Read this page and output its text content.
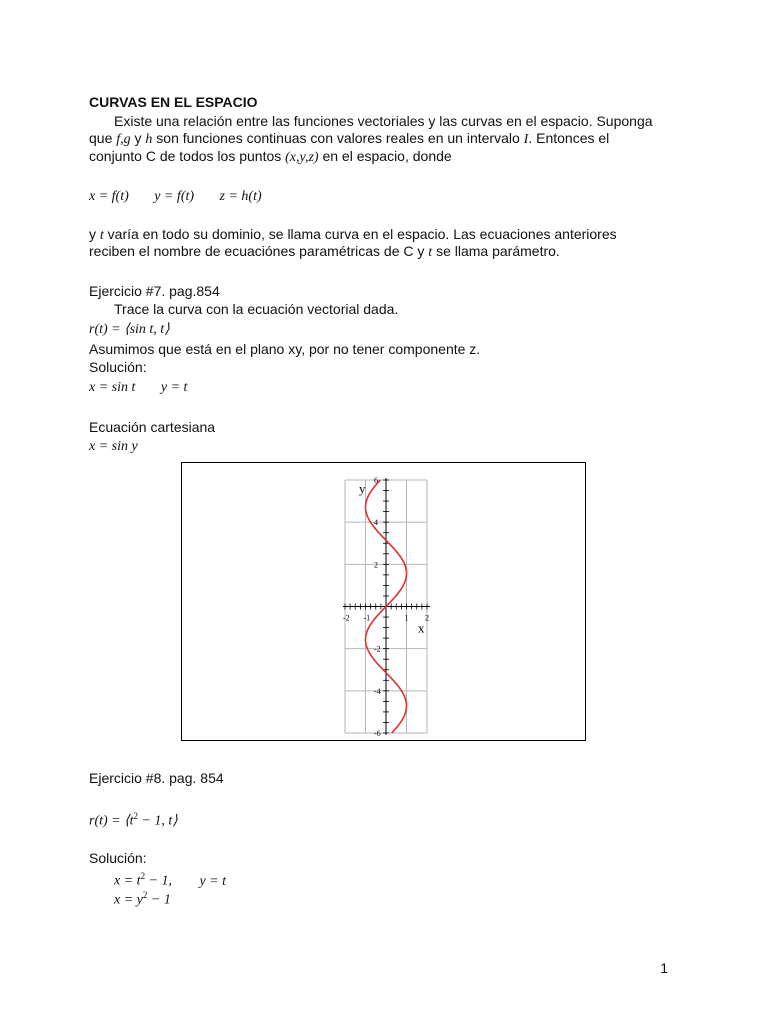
CURVAS EN EL ESPACIO
Existe una relación entre las funciones vectoriales y las curvas en el espacio. Suponga
que f,g y h son funciones continuas con valores reales en un intervalo I. Entonces el
conjunto C de todos los puntos (x,y,z) en el espacio, donde
x = f(t) y = f(t) z = h(t)
y t varía en todo su dominio, se llama curva en el espacio. Las ecuaciones anteriores
reciben el nombre de ecuaciónes paramétricas de C y t se llama parámetro.
Ejercicio #7. pag.854
Trace la curva con la ecuación vectorial dada.
r(t) = ⟨sin t, t⟩
Asumimos que está en el plano xy, por no tener componente z.
Solución:
x = sin t y = t
Ecuación cartesiana
x = sin y
-2 -1	1 2
6
4
2
-2
-4
-6
x
y
Ejercicio #8. pag. 854
$r(t) = ⟨t^2 - 1$, t⟩
Solución:
$x = t^2 - 1$, y = t
$x = y^2 - 1$
1
